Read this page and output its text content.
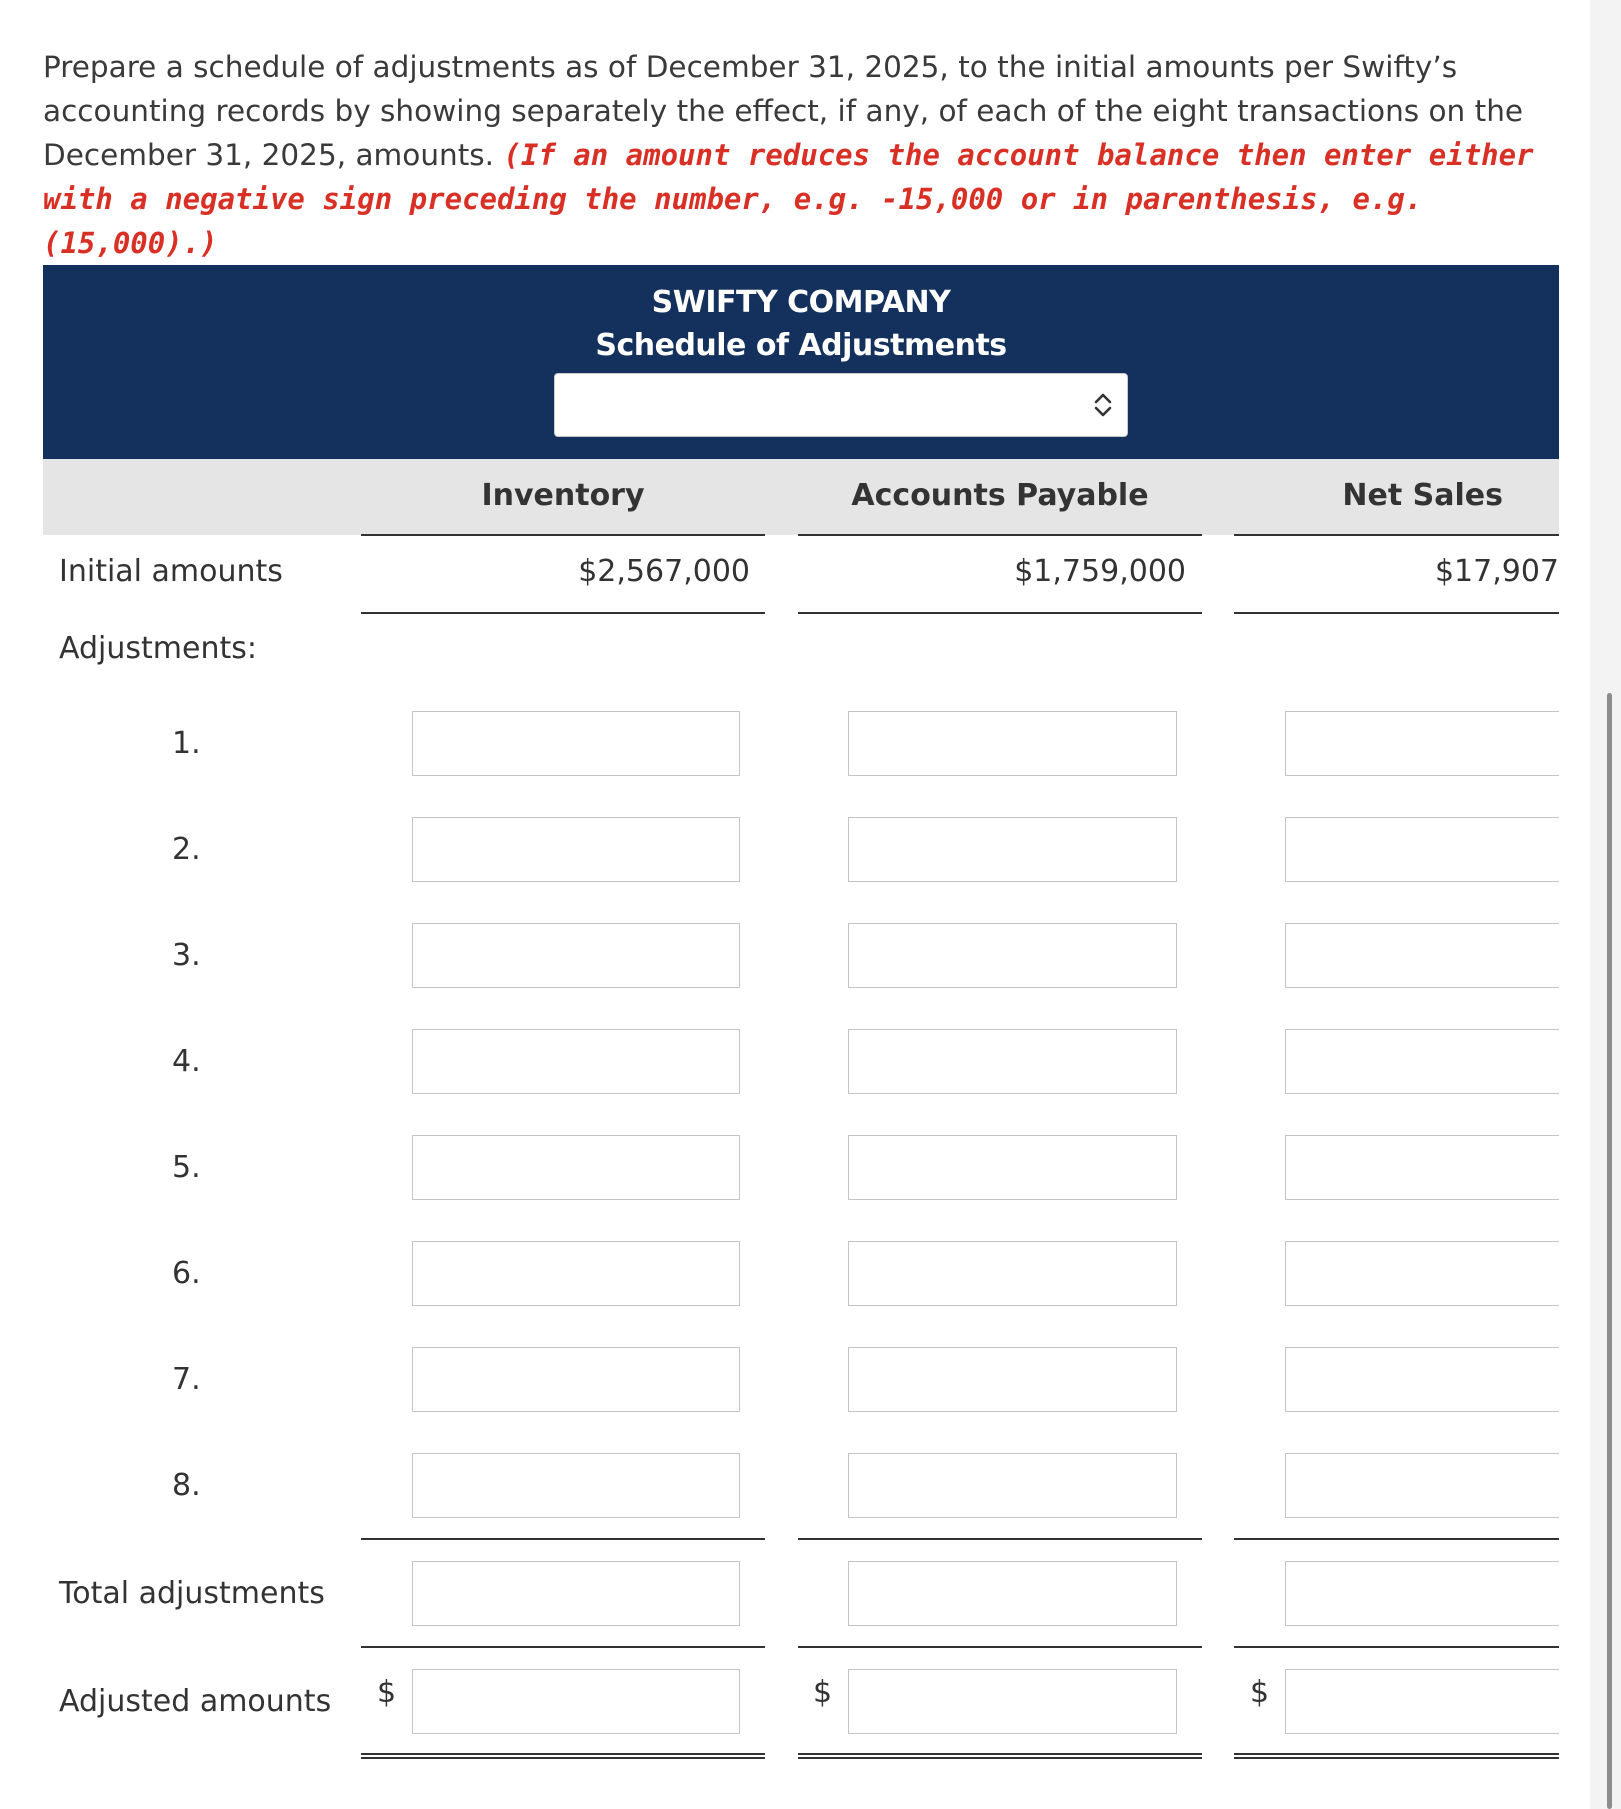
Prepare a schedule of adjustments as of December 31, 2025, to the initial amounts per Swifty’s accounting records by showing separately the effect, if any, of each of the eight transactions on the December 31, 2025, amounts. (If an amount reduces the account balance then enter either with a negative sign preceding the number, e.g. -15,000 or in parenthesis, e.g. (15,000).)
SWIFTY COMPANY
Schedule of Adjustments
Inventory	Accounts Payable	Net Sales
Initial amounts	$2,567,000	$1,759,000	$17,907
Adjustments:
1.
2.
3.
4.
5.
6.
7.
8.
Total adjustments
Adjusted amounts $	$	$
